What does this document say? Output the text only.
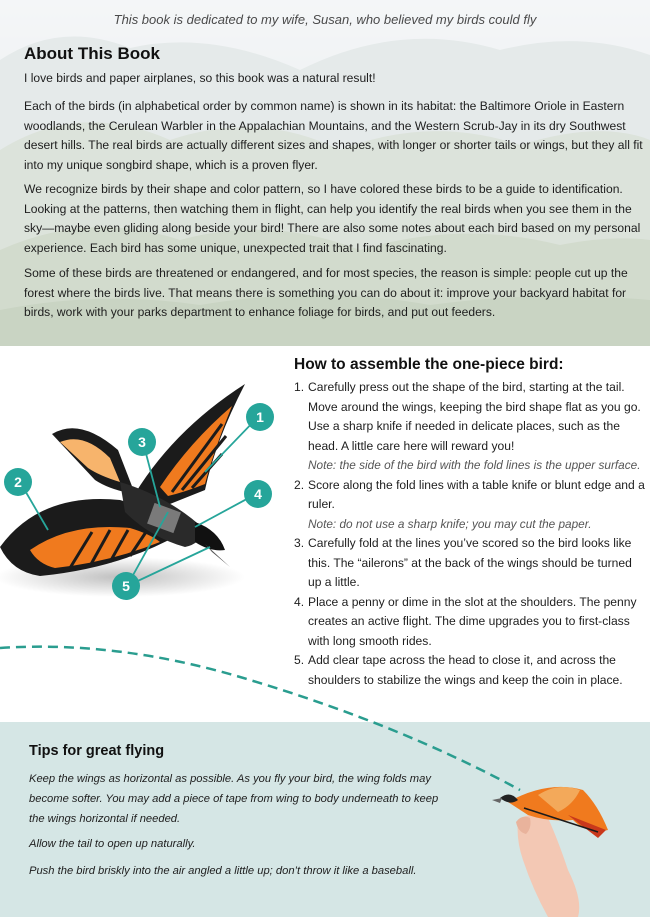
This book is dedicated to my wife, Susan, who believed my birds could fly
About This Book

I love birds and paper airplanes, so this book was a natural result!

Each of the birds (in alphabetical order by common name) is shown in its habitat: the Baltimore Oriole in Eastern woodlands, the Cerulean Warbler in the Appalachian Mountains, and the Western Scrub-Jay in its dry Southwest desert hills. The real birds are actually different sizes and shapes, with longer or shorter tails or wings, but they all fit into my unique songbird shape, which is a proven flyer.

We recognize birds by their shape and color pattern, so I have colored these birds to be a guide to identification. Looking at the patterns, then watching them in flight, can help you identify the real birds when you see them in the sky—maybe even gliding along beside your bird! There are also some notes about each bird based on my personal experience. Each bird has some unique, unexpected trait that I find fascinating.

Some of these birds are threatened or endangered, and for most species, the reason is simple: people cut up the forest where the birds live. That means there is something you can do about it: improve your backyard habitat for birds, work with your parks department to enhance foliage for birds, and put out feeders.

1
2
3
4
5
How to assemble the one-piece bird:
1. Carefully press out the shape of the bird, starting at the tail. Move around the wings, keeping the bird shape flat as you go. Use a sharp knife if needed in delicate places, such as the head. A little care here will reward you!
Note: the side of the bird with the fold lines is the upper surface.
2. Score along the fold lines with a table knife or blunt edge and a ruler.
Note: do not use a sharp knife; you may cut the paper.
3. Carefully fold at the lines you’ve scored so the bird looks like this. The “ailerons” at the back of the wings should be turned up a little.
4. Place a penny or dime in the slot at the shoulders. The penny creates an active flight. The dime upgrades you to first-class with long smooth rides.
5. Add clear tape across the head to close it, and across the shoulders to stabilize the wings and keep the coin in place.
Tips for great flying

Keep the wings as horizontal as possible. As you fly your bird, the wing folds may become softer. You may add a piece of tape from wing to body underneath to keep the wings horizontal if needed.

Allow the tail to open up naturally.

Push the bird briskly into the air angled a little up; don’t throw it like a baseball.
